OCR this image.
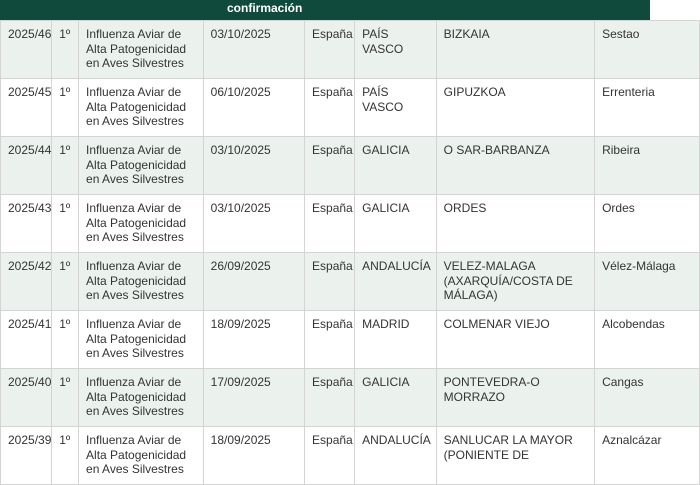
confirmación
2025/46	1º	Influenza Aviar de Alta Patogenicidad en Aves Silvestres	03/10/2025	España	PAÍS VASCO	BIZKAIA	Sestao
2025/45	1º	Influenza Aviar de Alta Patogenicidad en Aves Silvestres	06/10/2025	España	PAÍS VASCO	GIPUZKOA	Errenteria
2025/44	1º	Influenza Aviar de Alta Patogenicidad en Aves Silvestres	03/10/2025	España	GALICIA	O SAR-BARBANZA	Ribeira
2025/43	1º	Influenza Aviar de Alta Patogenicidad en Aves Silvestres	03/10/2025	España	GALICIA	ORDES	Ordes
2025/42	1º	Influenza Aviar de Alta Patogenicidad en Aves Silvestres	26/09/2025	España	ANDALUCÍA	VELEZ-MALAGA (AXARQUÍA/COSTA DE MÁLAGA)	Vélez-Málaga
2025/41	1º	Influenza Aviar de Alta Patogenicidad en Aves Silvestres	18/09/2025	España	MADRID	COLMENAR VIEJO	Alcobendas
2025/40	1º	Influenza Aviar de Alta Patogenicidad en Aves Silvestres	17/09/2025	España	GALICIA	PONTEVEDRA-O MORRAZO	Cangas
2025/39	1º	Influenza Aviar de Alta Patogenicidad en Aves Silvestres	18/09/2025	España	ANDALUCÍA	SANLUCAR LA MAYOR (PONIENTE DE	Aznalcázar
